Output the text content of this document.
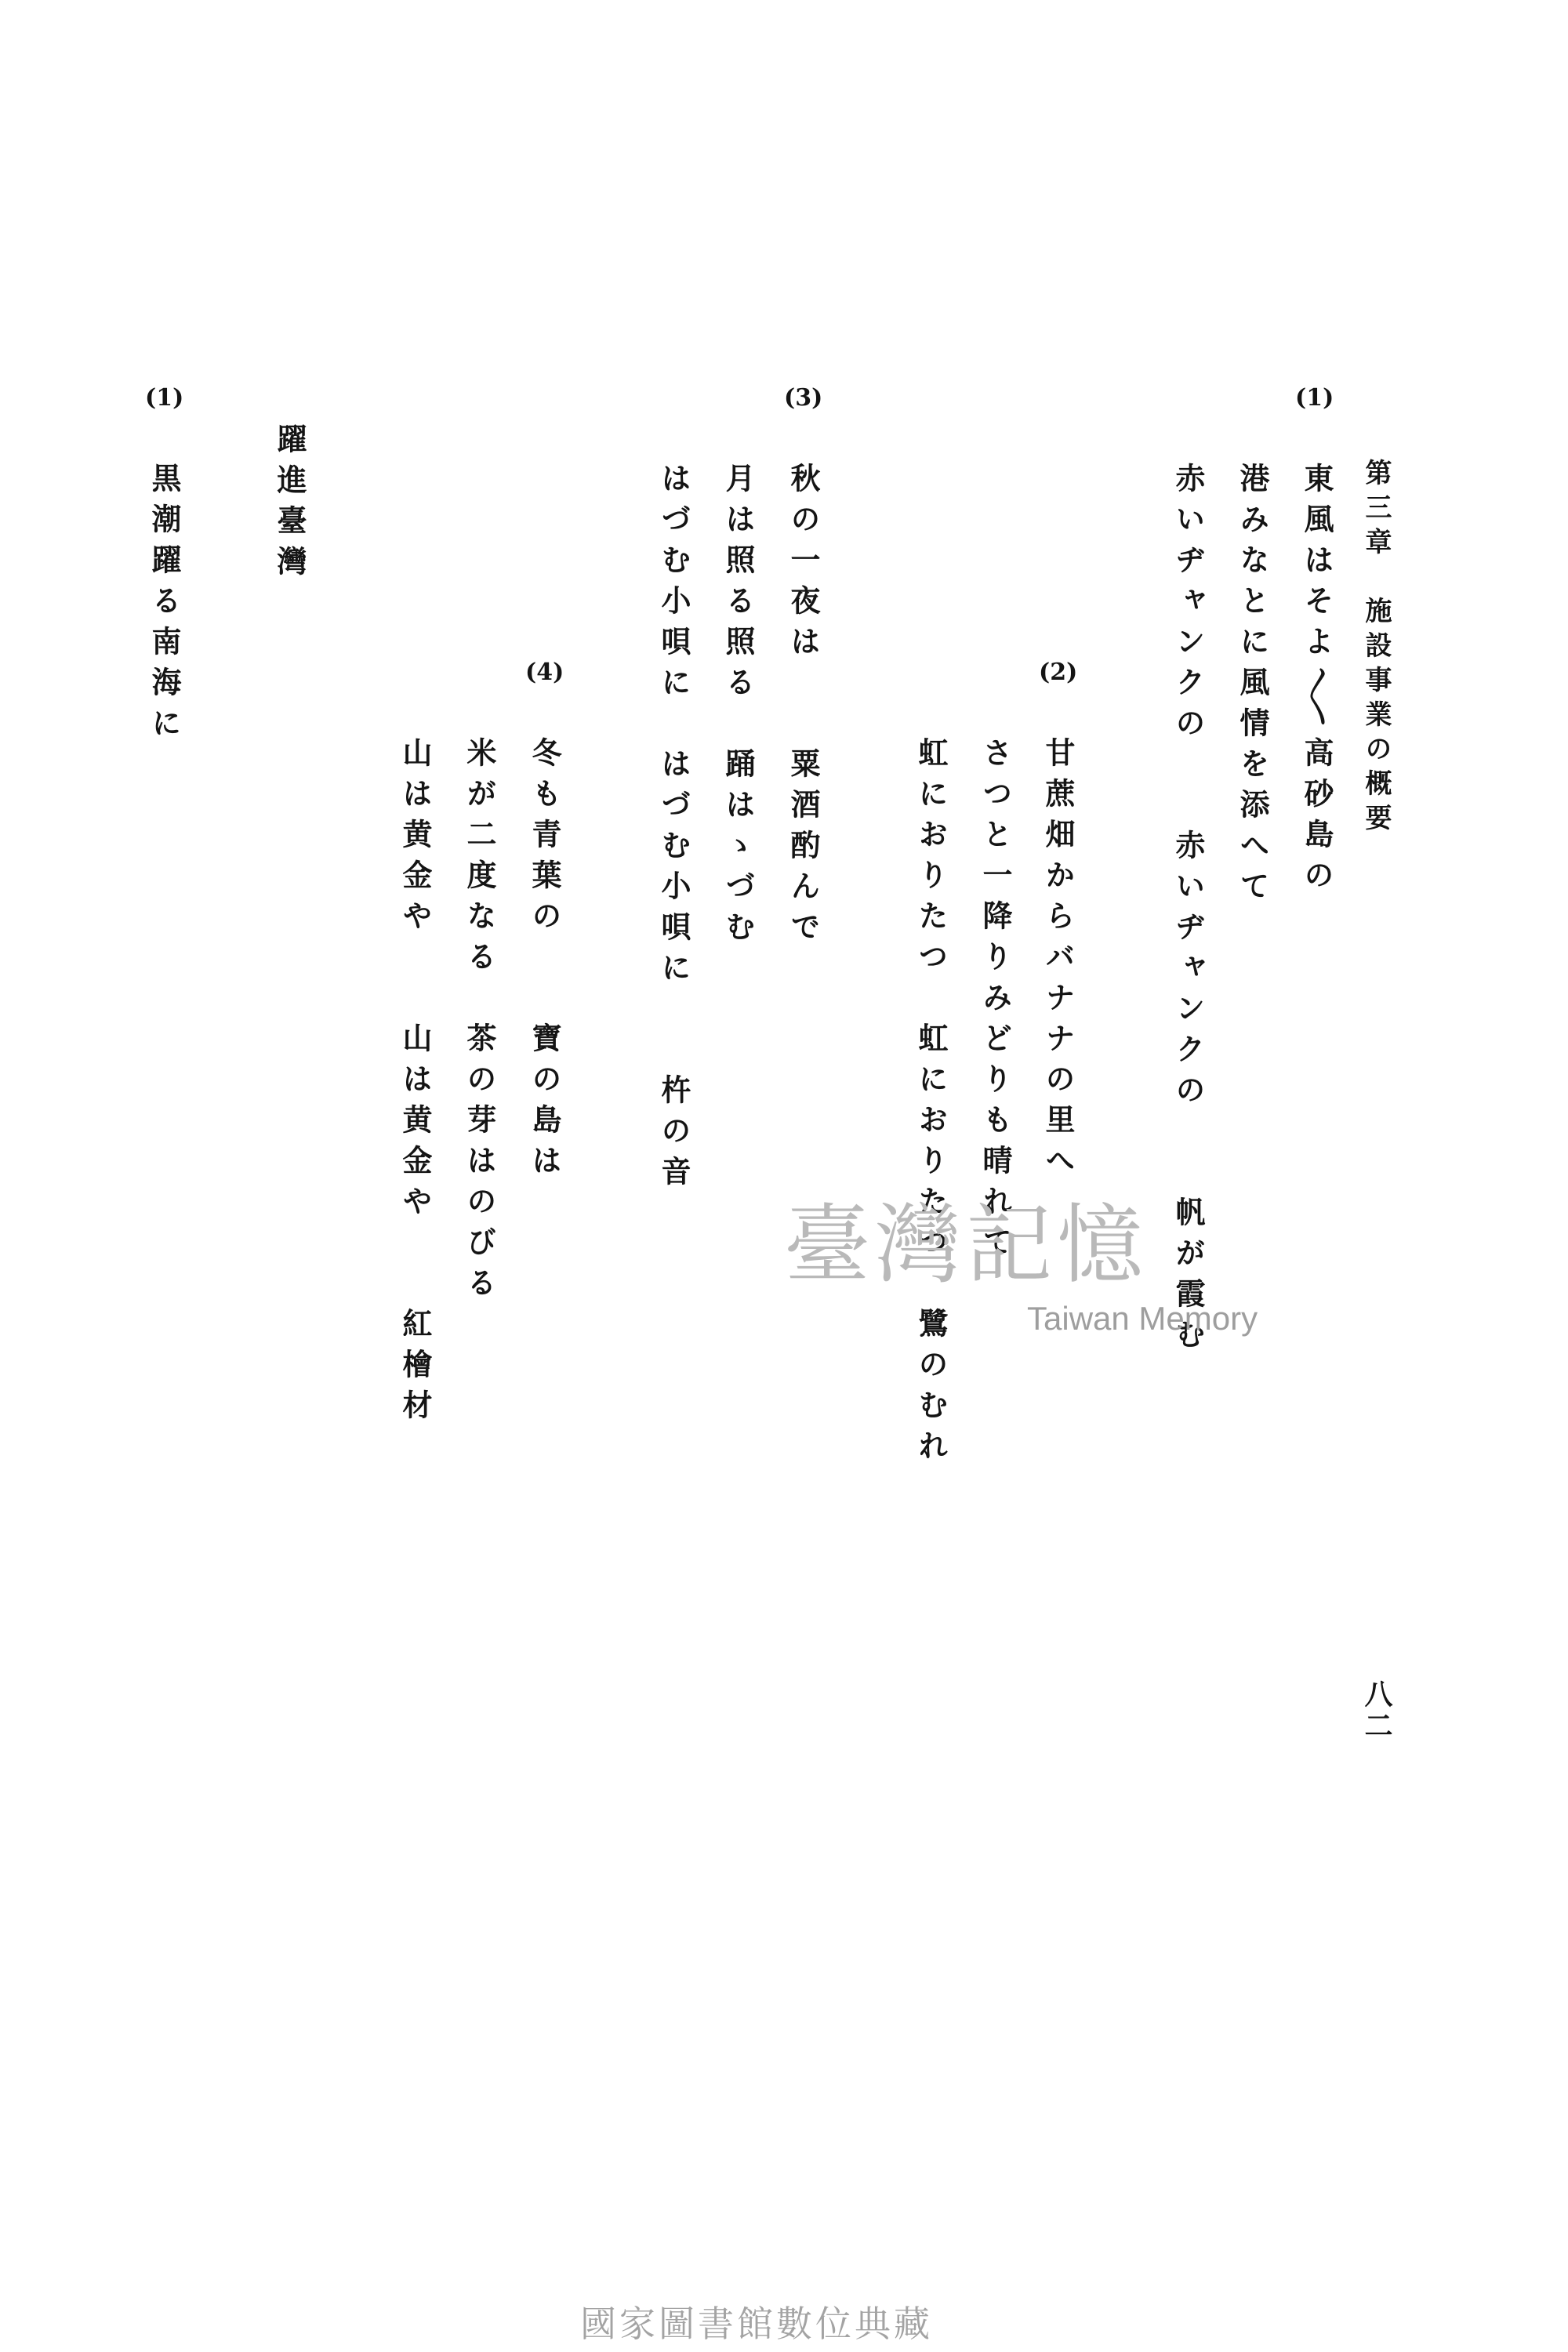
第三章　施設事業の概要
八二
(1)
東風はそよ〳〵高砂島の
港みなとに風情を添へて
赤いヂャンクの　　赤いヂャンクの　　帆が霞む
(2)
甘蔗畑からバナナの里へ
さつと一降りみどりも晴れて
虹におりたつ　虹におりたつ　鷺のむれ
(3)
秋の一夜は　　粟酒酌んで
月は照る照る　踊はゝづむ
はづむ小唄に　はづむ小唄に　　杵の音
(4)
冬も青葉の　　寶の島は
米が二度なる　茶の芽はのびる
山は黄金や　　山は黄金や　　紅檜材
躍進臺灣
(1)
黒潮躍る南海に
臺灣記憶
Taiwan Memory
國家圖書館數位典藏
